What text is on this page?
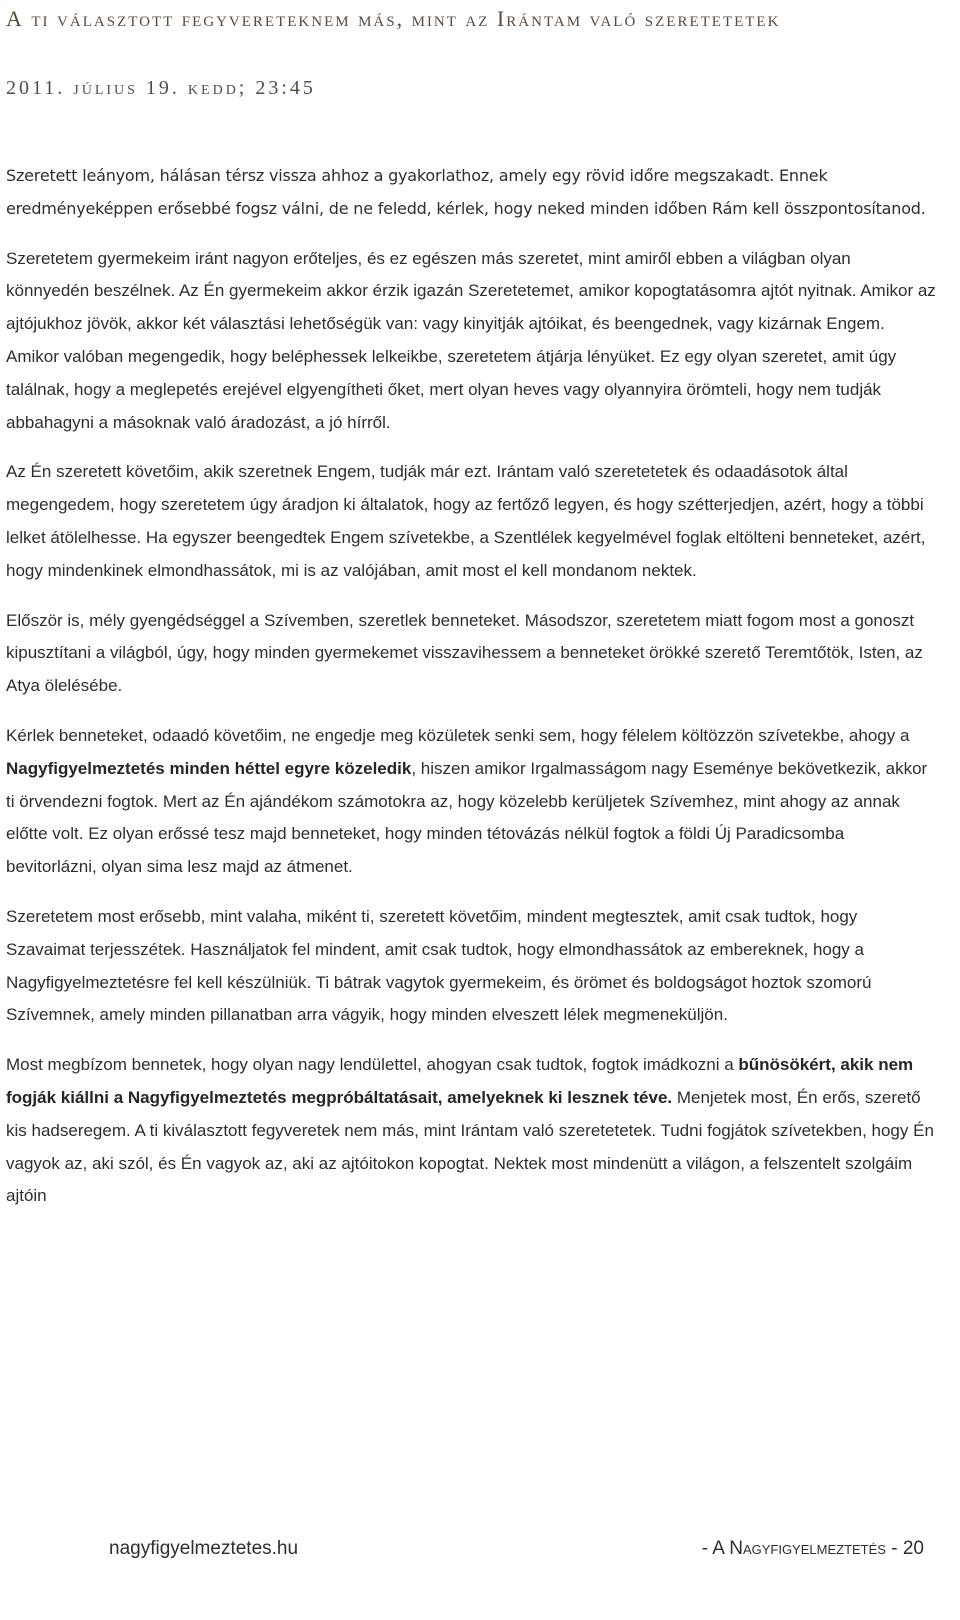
A ti választott fegyvereteknem más, mint az Irántam való szeretetetek
2011. július 19. kedd; 23:45

Szeretett leányom, hálásan térsz vissza ahhoz a gyakorlathoz, amely egy rövid időre megszakadt. Ennek eredményeképpen erősebbé fogsz válni, de ne feledd, kérlek, hogy neked minden időben Rám kell összpontosítanod.

Szeretetem gyermekeim iránt nagyon erőteljes, és ez egészen más szeretet, mint amiről ebben a világban olyan könnyedén beszélnek. Az Én gyermekeim akkor érzik igazán Szeretetemet, amikor kopogtatásomra ajtót nyitnak. Amikor az ajtójukhoz jövök, akkor két választási lehetőségük van: vagy kinyitják ajtóikat, és beengednek, vagy kizárnak Engem. Amikor valóban megengedik, hogy beléphessek lelkeikbe, szeretetem átjárja lényüket. Ez egy olyan szeretet, amit úgy találnak, hogy a meglepetés erejével elgyengítheti őket, mert olyan heves vagy olyannyira örömteli, hogy nem tudják abbahagyni a másoknak való áradozást, a jó hírről.

Az Én szeretett követőim, akik szeretnek Engem, tudják már ezt. Irántam való szeretetetek és odaadásotok által megengedem, hogy szeretetem úgy áradjon ki általatok, hogy az fertőző legyen, és hogy szétterjedjen, azért, hogy a többi lelket átölelhesse. Ha egyszer beengedtek Engem szívetekbe, a Szentlélek kegyelmével foglak eltölteni benneteket, azért, hogy mindenkinek elmondhassátok, mi is az valójában, amit most el kell mondanom nektek.

Először is, mély gyengédséggel a Szívemben, szeretlek benneteket. Másodszor, szeretetem miatt fogom most a gonoszt kipusztítani a világból, úgy, hogy minden gyermekemet visszavihessem a benneteket örökké szerető Teremtőtök, Isten, az Atya ölelésébe.

Kérlek benneteket, odaadó követőim, ne engedje meg közületek senki sem, hogy félelem költözzön szívetekbe, ahogy a Nagyfigyelmeztetés minden héttel egyre közeledik, hiszen amikor Irgalmasságom nagy Eseménye bekövetkezik, akkor ti örvendezni fogtok. Mert az Én ajándékom számotokra az, hogy közelebb kerüljetek Szívemhez, mint ahogy az annak előtte volt. Ez olyan erőssé tesz majd benneteket, hogy minden tétovázás nélkül fogtok a földi Új Paradicsomba bevitorlázni, olyan sima lesz majd az átmenet.

Szeretetem most erősebb, mint valaha, miként ti, szeretett követőim, mindent megtesztek, amit csak tudtok, hogy Szavaimat terjesszétek. Használjatok fel mindent, amit csak tudtok, hogy elmondhassátok az embereknek, hogy a Nagyfigyelmeztetésre fel kell készülniük. Ti bátrak vagytok gyermekeim, és örömet és boldogságot hoztok szomorú Szívemnek, amely minden pillanatban arra vágyik, hogy minden elveszett lélek megmeneküljön.

Most megbízom bennetek, hogy olyan nagy lendülettel, ahogyan csak tudtok, fogtok imádkozni a bűnösökért, akik nem fogják kiállni a Nagyfigyelmeztetés megpróbáltatásait, amelyeknek ki lesznek téve. Menjetek most, Én erős, szerető kis hadseregem. A ti kiválasztott fegyveretek nem más, mint Irántam való szeretetetek. Tudni fogjátok szívetekben, hogy Én vagyok az, aki szól, és Én vagyok az, aki az ajtóitokon kopogtat. Nektek most mindenütt a világon, a felszentelt szolgáim ajtóin

nagyfigyelmeztetes.hu	- A Nagyfigyelmeztetés - 20
